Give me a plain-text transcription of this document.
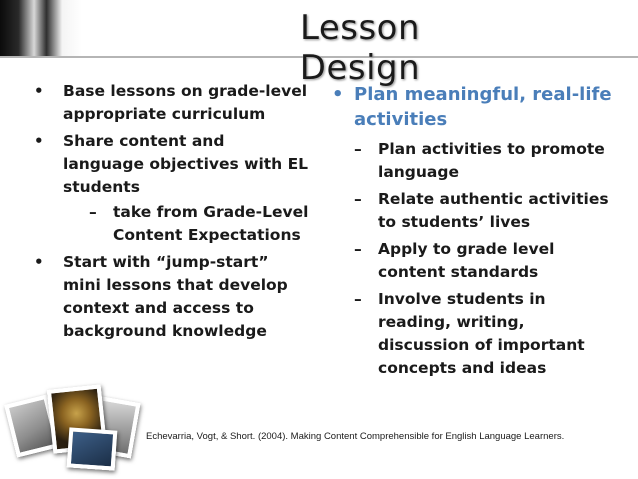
Lesson Design
• Base lessons on grade-level
appropriate curriculum
• Share content and
language objectives with EL
students
– take from Grade-Level
Content Expectations
• Start with “jump-start”
mini lessons that develop
context and access to
background knowledge
• Plan meaningful, real-life
activities
– Plan activities to promote
language
– Relate authentic activities
to students’ lives
– Apply to grade level
content standards
– Involve students in
reading, writing,
discussion of important
concepts and ideas
Echevarria, Vogt, & Short. (2004). Making Content Comprehensible for English Language Learners.
